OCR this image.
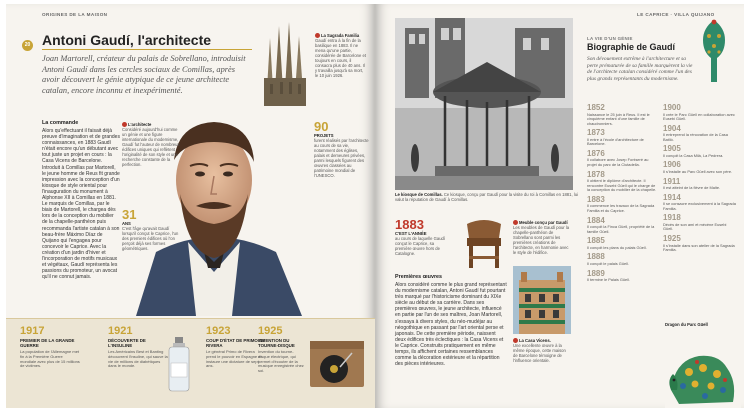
ORIGINES DE LA MAISON
20 Antoni Gaudí, l'architecte
Joan Martorell, créateur du palais de Sobrellano, introduisit Antoni Gaudí dans les cercles sociaux de Comillas, après avoir découvert le génie atypique de ce jeune architecte catalan, encore inconnu et inexpérimenté.
La commande
Alors qu'effectuant il faisait déjà preuve d'imagination et de grandes connaissances, en 1883 Gaudí n'était encore qu'un débutant avec tout juste un projet en cours : la Casa Vicens de Barcelone. Introduit à Comillas par Martorell, le jeune homme de Reus fit grande impression avec la conception d'un kiosque de style oriental pour l'inauguration du monument à Alphonse XII à Comillas en 1881. Le marquis de Comillas, par le biais de Martorell, le chargea dès lors de la conception du mobilier de la chapelle-panthéon puis recommanda l'artiste catalan à son beau-frère Máximo Díaz de Quijano qui l'engagea pour concevoir le Caprice. Avec la création d'un jardin d'hiver et l'incorporation de motifs musicaux et végétaux, Gaudí représenta les passions du promoteur, un avocat qu'il ne connut jamais.
La Sagrada Familia
Gaudí entra à la fin de la basilique en 1883. Il ne mena qu'une partie, considérée de Barcelone et toujours en cours, il consacra plus de 40 ans. Il y travailla jusqu'à sa mort, le 10 juin 1926.
L'architecte
Considéré aujourd'hui comme un génie et une figure internationale du modernisme, Gaudí fut l'auteur de nombreux édifices uniques qui reflètent l'originalité de son style et une recherche constante de la perfection.
31
ANS
C'est l'âge qu'avait Gaudí lorsqu'il conçut le Caprice, l'un des premiers édifices où l'on perçoit déjà ses formes géométriques.
90
PROJETS
furent réalisés par l'architecte au cours de sa vie, notamment des églises, palais et demeures privées, parmi lesquels figurent des œuvres classées au patrimoine mondial de l'UNESCO.
1917
PREMIER DE LA GRANDE GUERRE
La population de l'Allemagne met fin à la Première Guerre mondiale avec plus de 15 millions de victimes.
1921
DÉCOUVERTE DE L'INSULINE
Les Américains Best et Banting découvrent l'insuline, qui sauve la vie de millions de diabétiques dans le monde.
1923
COUP D'ÉTAT DE PRIMO DE RIVERA
Le général Primo de Rivera prend le pouvoir en Espagne et instaure une dictature de sept ans.
1925
INVENTION DU TOURNE-DISQUE
Invention du tourne-disque électrique, qui permet d'écouter de la musique enregistrée chez soi.
LE CAPRICE · VILLA QUIJANO
Le kiosque de Comillas. Ce kiosque, conçu par Gaudí pour la visite du roi à Comillas en 1881, lui valut la réputation de Gaudí à Comillas.
1883
C'EST L'ANNÉE
au cours de laquelle Gaudí conçut le Caprice, sa première œuvre hors de Catalogne.
Meuble conçu par Gaudí
Les meubles de Gaudí pour la chapelle-panthéon de Sobrellano sont parmi les premières créations de l'architecte, en harmonie avec le style de l'édifice.
Premières œuvres
Alors considéré comme le plus grand représentant du modernisme catalan, Antoni Gaudí fut pourtant très marqué par l'historicisme dominant du XIXe siècle au début de sa carrière. Dans ses premières œuvres, le jeune architecte, influencé en partie par l'un de ses maîtres, Joan Martorell, s'essaya à divers styles, du néo-mudéjar au néogothique en passant par l'art oriental perse et japonais. De cette première période, naissent deux édifices très éclectiques : la Casa Vicens et le Caprice. Construits pratiquement en même temps, ils affichent certaines ressemblances comme la décoration extérieure et la répartition des pièces intérieures.
La Casa Vicens.
Une excellente œuvre à la même époque, cette maison de Barcelone témoigne de l'influence orientale.
LA VIE D'UN GÉNIE
Biographie de Gaudí
Son dévouement extrême à l'architecture et sa perte prématurée de sa famille marquèrent la vie de l'architecte catalan considéré comme l'un des plus grands représentants du modernisme.
1852
Naissance le 25 juin à Reus. Il est le cinquième enfant d'une famille de chaudronniers.
1873
Il entre à l'école d'architecture de Barcelone.
1876
Il collabore avec Josep Fontserè au projet du parc de la Ciutadella.
1878
Il obtient le diplôme d'architecte. Il rencontre Eusebi Güell qui le charge de la conception du mobilier de la chapelle.
1883
Il commence les travaux de la Sagrada Familia et du Caprice.
1884
Il conçoit la Finca Güell, propriété de la famille Güell.
1885
Il conçoit les plans du palais Güell.
1888
Il conçoit le palais Güell.
1889
Il termine le Palais Güell.
1900
Il crée le Parc Güell en collaboration avec Eusebi Güell.
1904
Il entreprend la rénovation de la Casa Batlló.
1905
Il conçoit la Casa Milà, La Pedrera.
1906
Il s'installe au Parc Güell avec son père.
1911
Il est atteint de la fièvre de Malte.
1914
Il se consacre exclusivement à la Sagrada Familia.
1918
Décès de son ami et mécène Eusebi Güell.
1925
Il s'installe dans son atelier de la Sagrada Familia.
Dragon du Parc Güell
